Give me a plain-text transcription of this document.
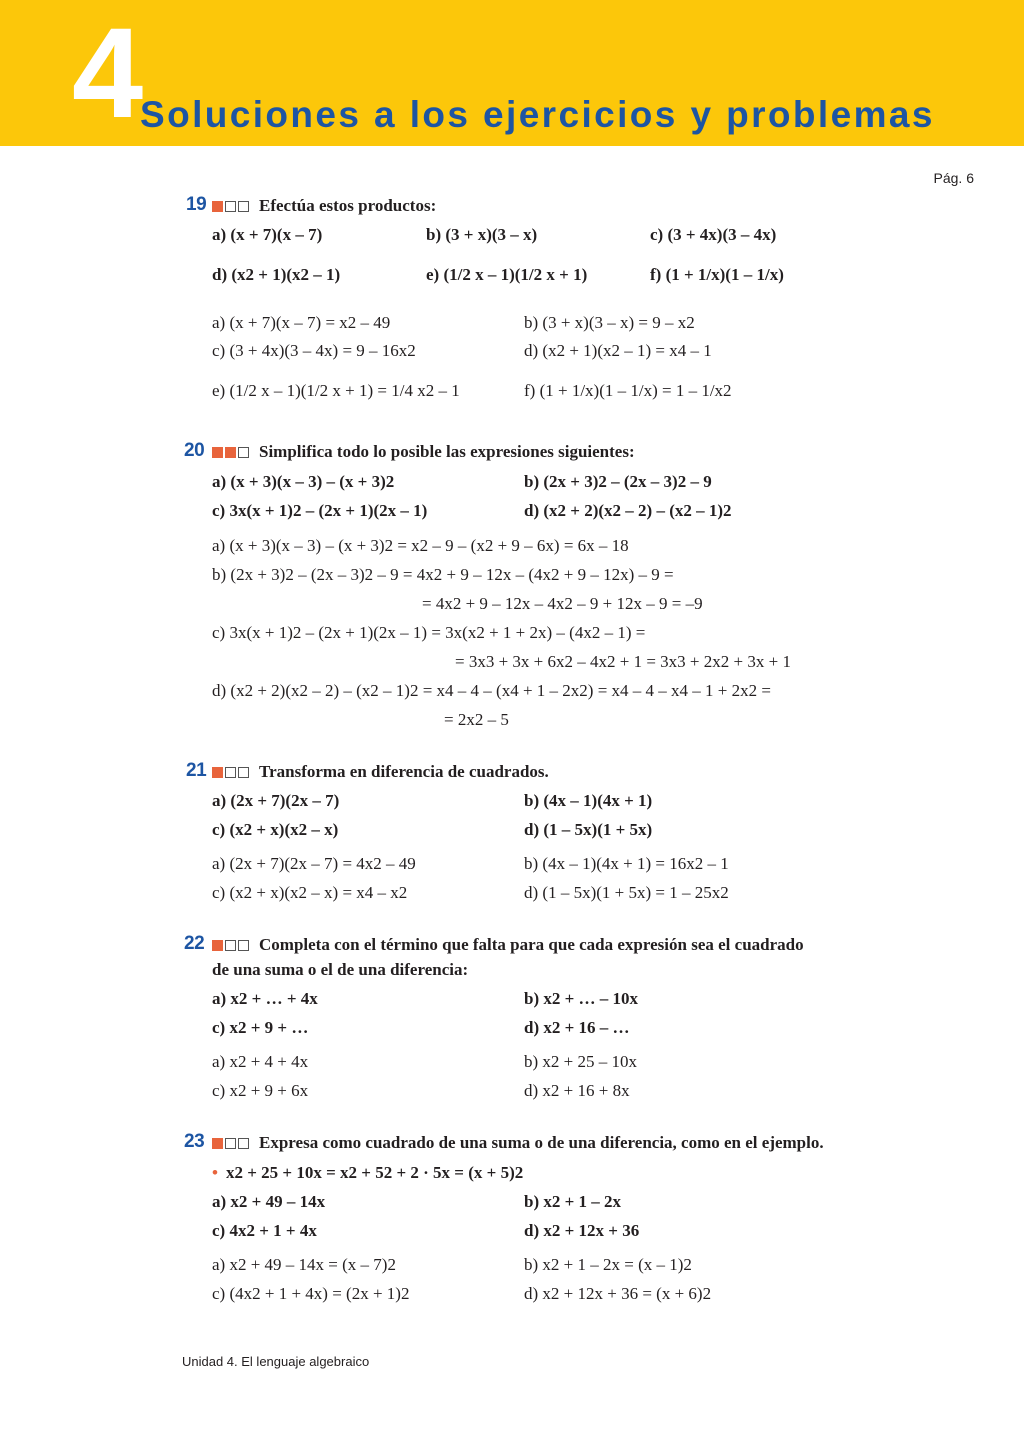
4
Soluciones a los ejercicios y problemas
Pág. 6
19	Efectúa estos productos:
a) (x + 7)(x – 7)	b) (3 + x)(3 – x)	c) (3 + 4x)(3 – 4x)
d) (x2 + 1)(x2 – 1)	e) (1/2 x – 1)(1/2 x + 1)	f) (1 + 1/x)(1 – 1/x)
a) (x + 7)(x – 7) = x2 – 49	b) (3 + x)(3 – x) = 9 – x2
c) (3 + 4x)(3 – 4x) = 9 – 16x2	d) (x2 + 1)(x2 – 1) = x4 – 1
e) (1/2 x – 1)(1/2 x + 1) = 1/4 x2 – 1	f) (1 + 1/x)(1 – 1/x) = 1 – 1/x2
20	Simplifica todo lo posible las expresiones siguientes:
a) (x + 3)(x – 3) – (x + 3)2	b) (2x + 3)2 – (2x – 3)2 – 9
c) 3x(x + 1)2 – (2x + 1)(2x – 1)	d) (x2 + 2)(x2 – 2) – (x2 – 1)2
a) (x + 3)(x – 3) – (x + 3)2 = x2 – 9 – (x2 + 9 – 6x) = 6x – 18
b) (2x + 3)2 – (2x – 3)2 – 9 = 4x2 + 9 – 12x – (4x2 + 9 – 12x) – 9 =
= 4x2 + 9 – 12x – 4x2 – 9 + 12x – 9 = –9
c) 3x(x + 1)2 – (2x + 1)(2x – 1) = 3x(x2 + 1 + 2x) – (4x2 – 1) =
= 3x3 + 3x + 6x2 – 4x2 + 1 = 3x3 + 2x2 + 3x + 1
d) (x2 + 2)(x2 – 2) – (x2 – 1)2 = x4 – 4 – (x4 + 1 – 2x2) = x4 – 4 – x4 – 1 + 2x2 =
= 2x2 – 5
21	Transforma en diferencia de cuadrados.
a) (2x + 7)(2x – 7)	b) (4x – 1)(4x + 1)
c) (x2 + x)(x2 – x)	d) (1 – 5x)(1 + 5x)
a) (2x + 7)(2x – 7) = 4x2 – 49	b) (4x – 1)(4x + 1) = 16x2 – 1
c) (x2 + x)(x2 – x) = x4 – x2	d) (1 – 5x)(1 + 5x) = 1 – 25x2
22	Completa con el término que falta para que cada expresión sea el cuadrado
de una suma o el de una diferencia:
a) x2 + … + 4x	b) x2 + … – 10x
c) x2 + 9 + …	d) x2 + 16 – …
a) x2 + 4 + 4x	b) x2 + 25 – 10x
c) x2 + 9 + 6x	d) x2 + 16 + 8x
23	Expresa como cuadrado de una suma o de una diferencia, como en el ejemplo.
• x2 + 25 + 10x = x2 + 52 + 2 · 5x = (x + 5)2
a) x2 + 49 – 14x	b) x2 + 1 – 2x
c) 4x2 + 1 + 4x	d) x2 + 12x + 36
a) x2 + 49 – 14x = (x – 7)2	b) x2 + 1 – 2x = (x – 1)2
c) (4x2 + 1 + 4x) = (2x + 1)2	d) x2 + 12x + 36 = (x + 6)2
Unidad 4. El lenguaje algebraico
